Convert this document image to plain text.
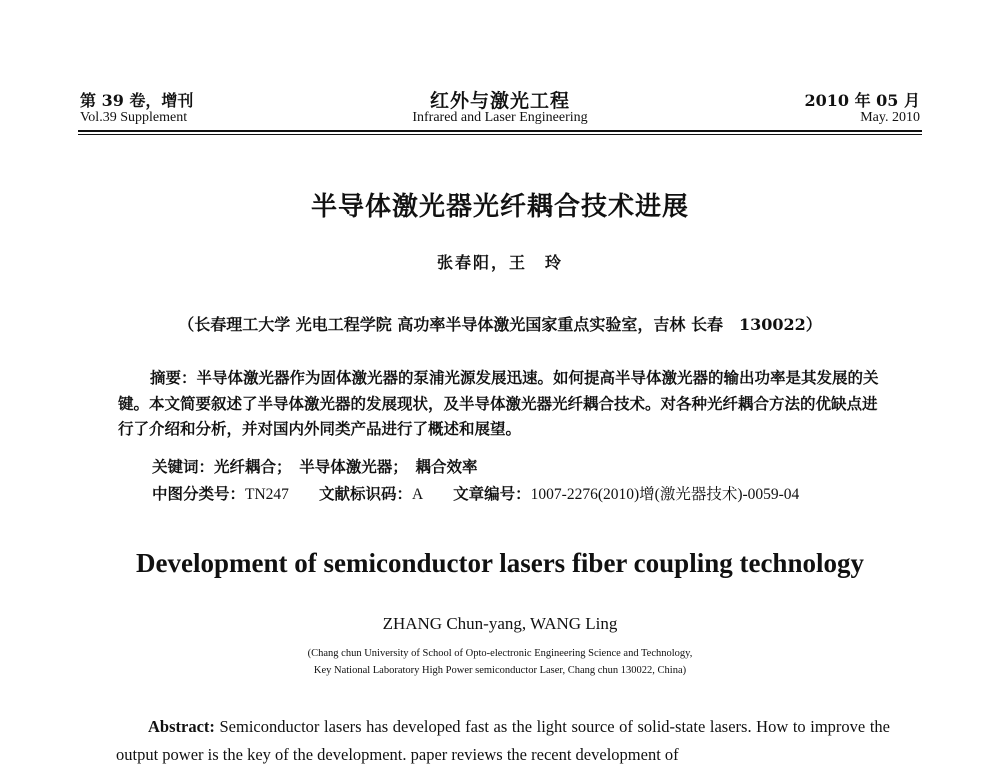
第 39 卷，增刊
Vol.39 Supplement
红外与激光工程
Infrared and Laser Engineering
2010 年 05 月
May. 2010
半导体激光器光纤耦合技术进展
张春阳，王　玲
（长春理工大学 光电工程学院 高功率半导体激光国家重点实验室，吉林 长春　130022）
摘要：半导体激光器作为固体激光器的泵浦光源发展迅速。如何提高半导体激光器的输出功率是其发展的关键。本文简要叙述了半导体激光器的发展现状，及半导体激光器光纤耦合技术。对各种光纤耦合方法的优缺点进行了介绍和分析，并对国内外同类产品进行了概述和展望。
关键词：光纤耦合；　半导体激光器；　耦合效率
中图分类号：TN247 文献标识码：A 文章编号：1007-2276(2010)增(激光器技术)-0059-04
Development of semiconductor lasers fiber coupling technology
ZHANG Chun-yang, WANG Ling
(Chang chun University of School of Opto-electronic Engineering Science and Technology,
Key National Laboratory High Power semiconductor Laser, Chang chun 130022, China)
Abstract: Semiconductor lasers has developed fast as the light source of solid-state lasers. How to improve the output power is the key of the development. paper reviews the recent development of
